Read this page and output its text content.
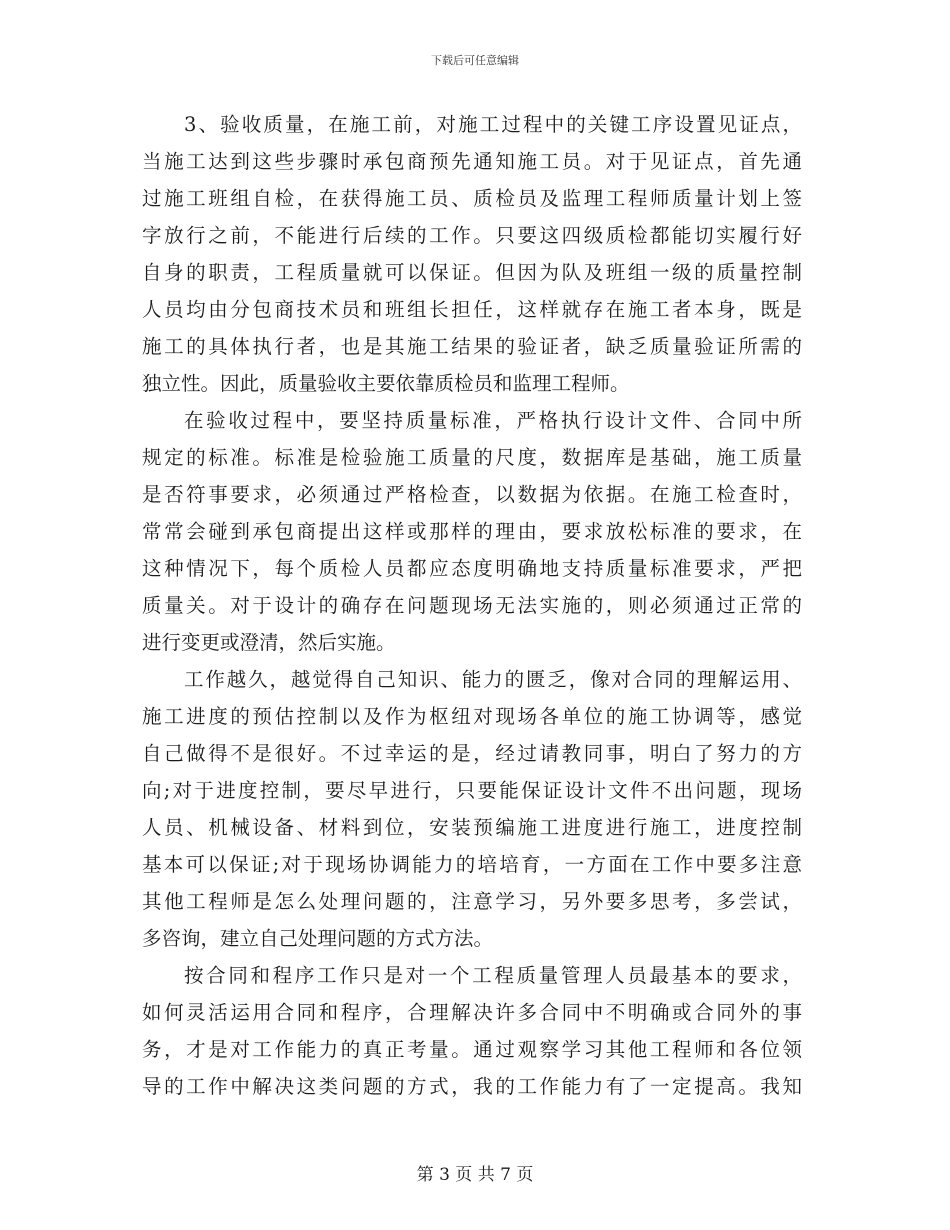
下载后可任意编辑
3、验收质量，在施工前，对施工过程中的关键工序设置见证点，
当施工达到这些步骤时承包商预先通知施工员。对于见证点，首先通
过施工班组自检，在获得施工员、质检员及监理工程师质量计划上签
字放行之前，不能进行后续的工作。只要这四级质检都能切实履行好
自身的职责，工程质量就可以保证。但因为队及班组一级的质量控制
人员均由分包商技术员和班组长担任，这样就存在施工者本身，既是
施工的具体执行者，也是其施工结果的验证者，缺乏质量验证所需的
独立性。因此，质量验收主要依靠质检员和监理工程师。
在验收过程中，要坚持质量标准，严格执行设计文件、合同中所
规定的标准。标准是检验施工质量的尺度，数据库是基础，施工质量
是否符事要求，必须通过严格检查，以数据为依据。在施工检查时，
常常会碰到承包商提出这样或那样的理由，要求放松标准的要求，在
这种情况下，每个质检人员都应态度明确地支持质量标准要求，严把
质量关。对于设计的确存在问题现场无法实施的，则必须通过正常的
进行变更或澄清，然后实施。
工作越久，越觉得自己知识、能力的匮乏，像对合同的理解运用、
施工进度的预估控制以及作为枢纽对现场各单位的施工协调等，感觉
自己做得不是很好。不过幸运的是，经过请教同事，明白了努力的方
向;对于进度控制，要尽早进行，只要能保证设计文件不出问题，现场
人员、机械设备、材料到位，安装预编施工进度进行施工，进度控制
基本可以保证;对于现场协调能力的培培育，一方面在工作中要多注意
其他工程师是怎么处理问题的，注意学习，另外要多思考，多尝试，
多咨询，建立自己处理问题的方式方法。
按合同和程序工作只是对一个工程质量管理人员最基本的要求，
如何灵活运用合同和程序，合理解决许多合同中不明确或合同外的事
务，才是对工作能力的真正考量。通过观察学习其他工程师和各位领
导的工作中解决这类问题的方式，我的工作能力有了一定提高。我知
第 3 页 共 7 页
